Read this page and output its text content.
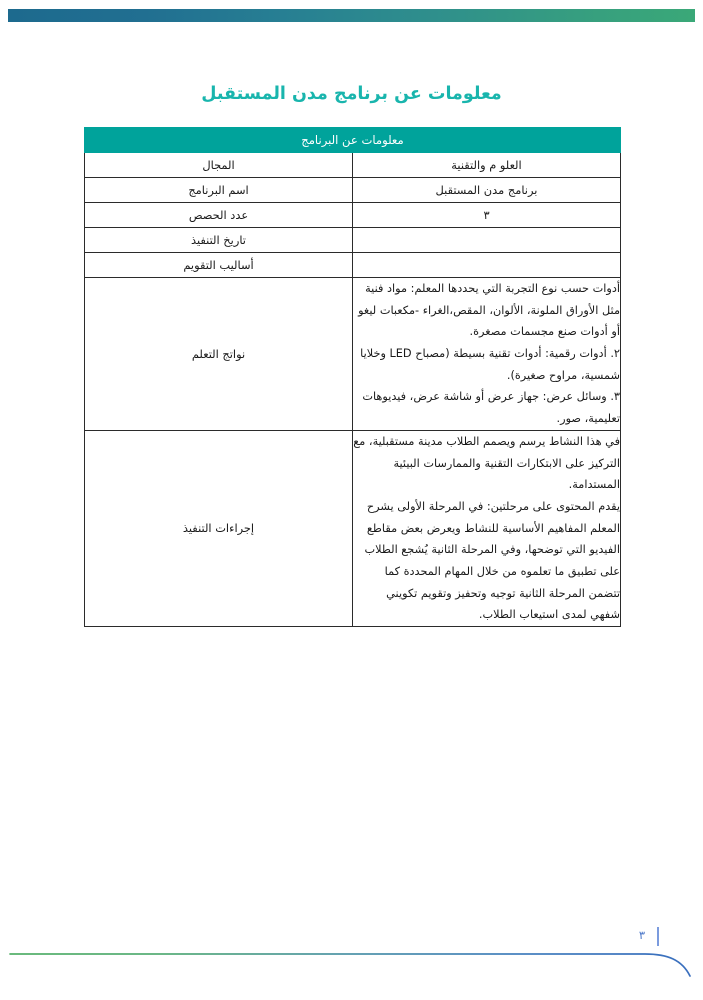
معلومات عن برنامج مدن المستقبل
معلومات عن البرنامج	
العلو م والتقنية	المجال
برنامج مدن المستقبل	اسم البرنامج
٣	عدد الحصص
	تاريخ التنفيذ
	أساليب التقويم

أدوات حسب نوع التجربة التي يحددها المعلم: مواد فنية مثل الأوراق الملونة، الألوان، المقص،الغراء -مكعبات ليغو أو أدوات صنع مجسمات مصغرة.

٢. أدوات رقمية: أدوات تقنية بسيطة (مصباح LED وخلايا شمسية، مراوح صغيرة).

٣. وسائل عرض: جهاز عرض أو شاشة عرض، فيديوهات تعليمية، صور.	نواتج التعلم

في هذا النشاط يرسم ويصمم الطلاب مدينة مستقبلية، مع التركيز على الابتكارات التقنية والممارسات البيئية المستدامة.

يقدم المحتوى على مرحلتين: في المرحلة الأولى يشرح المعلم المفاهيم الأساسية للنشاط ويعرض بعض مقاطع الفيديو التي توضحها، وفي المرحلة الثانية يُشجع الطلاب على تطبيق ما تعلموه من خلال المهام المحددة كما تتضمن المرحلة الثانية توجيه وتحفيز وتقويم تكويني شفهي لمدى استيعاب الطلاب.	إجراءات التنفيذ
٣
